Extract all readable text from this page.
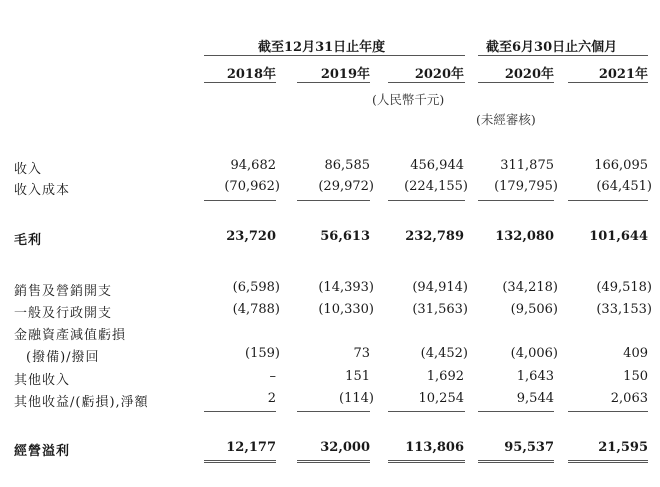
截至12月31日止年度	截至6月30日止六個月
2018年	2019年	2020年	2020年	2021年
(人民幣千元)
(未經審核)
收入	94,682	86,585	456,944	311,875	166,095
收入成本	(70,962)	(29,972)	(224,155)	(179,795)	(64,451)
毛利	23,720	56,613	232,789	132,080	101,644
銷售及營銷開支	(6,598)	(14,393)	(94,914)	(34,218)	(49,518)
一般及行政開支	(4,788)	(10,330)	(31,563)	(9,506)	(33,153)
金融資產減值虧損
(撥備)/撥回	(159)	73	(4,452)	(4,006)	409
其他收入	–	151	1,692	1,643	150
其他收益/(虧損),淨額	2	(114)	10,254	9,544	2,063
經營溢利	12,177	32,000	113,806	95,537	21,595
